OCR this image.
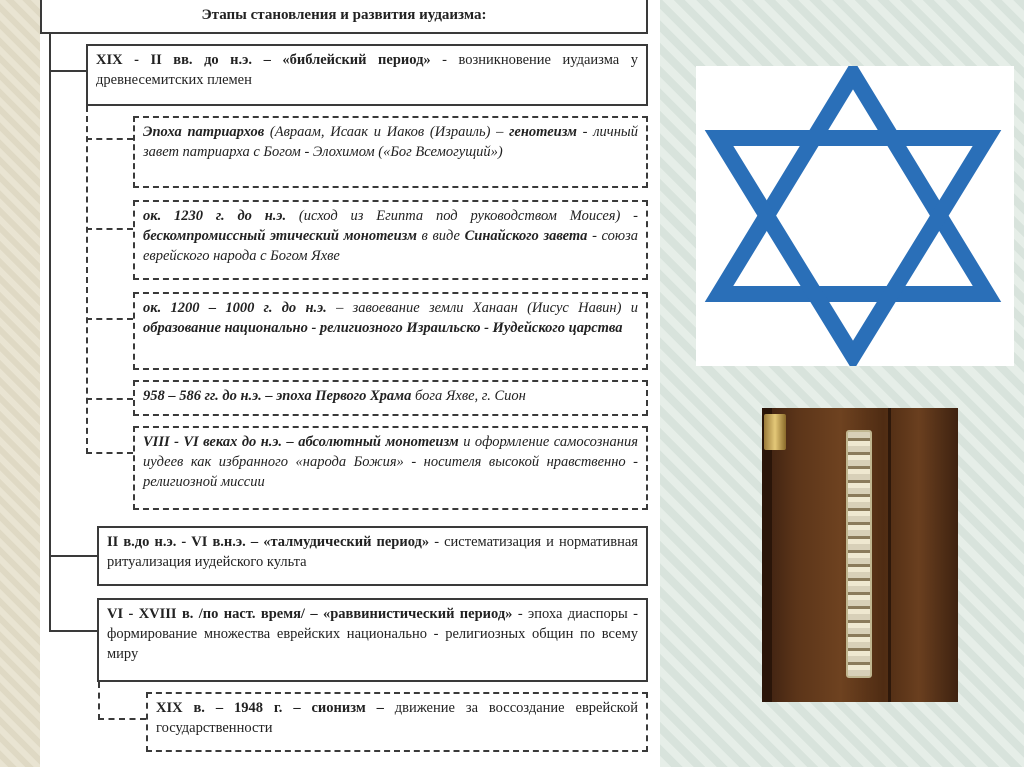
Этапы становления и развития иудаизма:
XIX - II вв. до н.э. – «библейский период» - возникновение иудаизма у древнесемитских племен
Эпоха патриархов (Авраам, Исаак и Иаков (Израиль) – генотеизм - личный завет патриарха с Богом - Элохимом («Бог Всемогущий»)
ок. 1230 г. до н.э. (исход из Египта под руководством Моисея) - бескомпромиссный этический монотеизм в виде Синайского завета - союза еврейского народа с Богом Яхве
ок. 1200 – 1000 г. до н.э. – завоевание земли Ханаан (Иисус Навин) и образование национально - религиозного Израильско - Иудейского царства
958 – 586 гг. до н.э. – эпоха Первого Храма бога Яхве, г. Сион
VIII - VI веках до н.э. – абсолютный монотеизм и оформление самосознания иудеев как избранного «народа Божия» - носителя высокой нравственно - религиозной миссии
II в.до н.э. - VI в.н.э. – «талмудический период» - систематизация и нормативная ритуализация иудейского культа
VI - XVIII в. /по наст. время/ – «раввинистический период» - эпоха диаспоры - формирование множества еврейских национально - религиозных общин по всему миру
XIX в. – 1948 г. – сионизм – движение за воссоздание еврейской государственности
